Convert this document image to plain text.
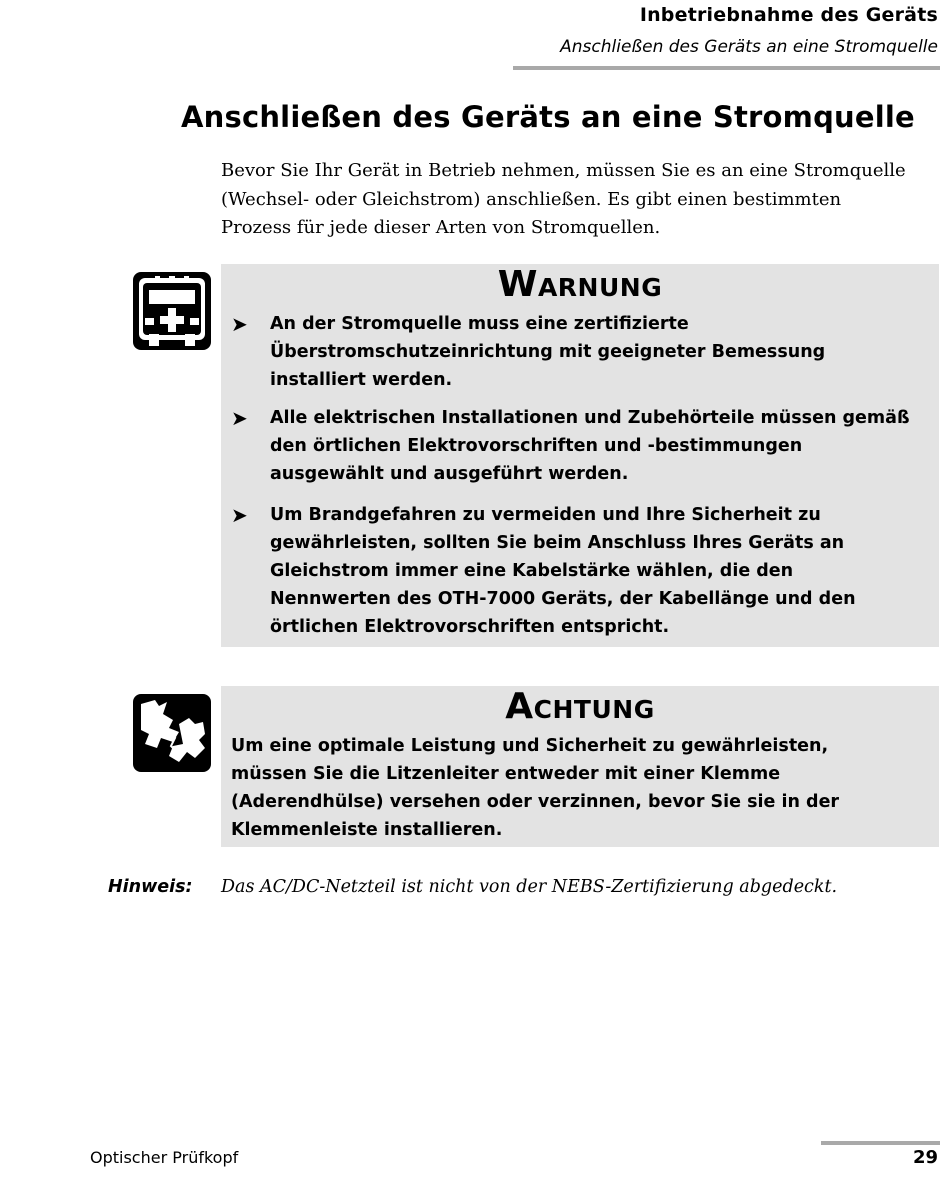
Inbetriebnahme des Geräts
Anschließen des Geräts an eine Stromquelle
Anschließen des Geräts an eine Stromquelle
Bevor Sie Ihr Gerät in Betrieb nehmen, müssen Sie es an eine Stromquelle
(Wechsel- oder Gleichstrom) anschließen. Es gibt einen bestimmten
Prozess für jede dieser Arten von Stromquellen.
Warnung
➤ An der Stromquelle muss eine zertifizierte
Überstromschutzeinrichtung mit geeigneter Bemessung
installiert werden.
➤ Alle elektrischen Installationen und Zubehörteile müssen gemäß
den örtlichen Elektrovorschriften und -bestimmungen
ausgewählt und ausgeführt werden.
➤ Um Brandgefahren zu vermeiden und Ihre Sicherheit zu
gewährleisten, sollten Sie beim Anschluss Ihres Geräts an
Gleichstrom immer eine Kabelstärke wählen, die den
Nennwerten des OTH-7000 Geräts, der Kabellänge und den
örtlichen Elektrovorschriften entspricht.
Achtung
Um eine optimale Leistung und Sicherheit zu gewährleisten,
müssen Sie die Litzenleiter entweder mit einer Klemme
(Aderendhülse) versehen oder verzinnen, bevor Sie sie in der
Klemmenleiste installieren.
Hinweis: Das AC/DC-Netzteil ist nicht von der NEBS-Zertifizierung abgedeckt.
Optischer Prüfkopf	29
